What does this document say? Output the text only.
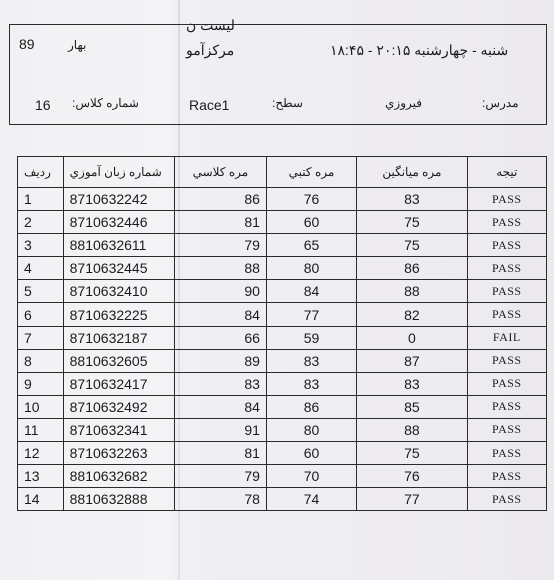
لیست ن
مرکزآمو
89	بهار	شنبه - چهارشنبه ۲۰:۱۵ - ۱۸:۴۵
16 شماره کلاس:	Race1	سطح:	فیروزي	مدرس:
ردیف	شماره زبان آموزي	مره کلاسي	مره کتبي	مره میانگین	تیجه
1	8710632242	86	76	83	PASS
2	8710632446	81	60	75	PASS
3	8810632611	79	65	75	PASS
4	8710632445	88	80	86	PASS
5	8710632410	90	84	88	PASS
6	8710632225	84	77	82	PASS
7	8710632187	66	59	0	FAIL
8	8810632605	89	83	87	PASS
9	8710632417	83	83	83	PASS
10	8710632492	84	86	85	PASS
11	8710632341	91	80	88	PASS
12	8710632263	81	60	75	PASS
13	8810632682	79	70	76	PASS
14	8810632888	78	74	77	PASS
